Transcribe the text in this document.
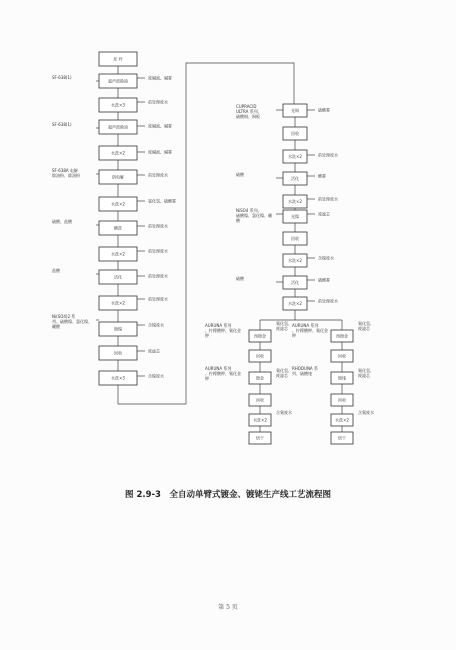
坯 件
超声波除油
水洗×3
超声波除油
水洗×2
阴电解
水洗×2
酸洗
水洗×2
活化
水洗×2
镀镍
回收
水洗×3
SF-638(1)
SF-638(1)
SF-638A 电解
除油粉、除油粉
硫酸、盐酸
盐酸
Ni(SO4)2 系
列、硫酸镍、氯化镍、
硼酸
废碱液、碱雾
前处理废水
废碱液、碱雾
废碱液、碱雾
前处理废水
氯化氢、硫酸雾
前处理废水
前处理废水
前处理废水
前处理废水
含镍废水
废滤芯
含镍废水
光铜
回收
水洗×2
活化
水洗×2
光镍
回收
水洗×2
活化
水洗×2
CUPRACID
ULTRA 系列、
硫酸铜、铜板
硫酸
NiSO4 系列、
硫酸镍、氯化镍、硼
酸
硫酸
硫酸雾
前处理废水
酸雾
前处理废水
废滤芯
含镍废水
硫酸雾
前处理废水
预镀金
回收
镀金
回收
水洗×2
烘干
AURUNA 系列
、柠檬酸钾、氰化金
钾
AURUNA 系列
、柠檬酸钾、氰化金
钾
氰化氢、
废滤芯
氰化氢、
废滤芯
含氰废水
预镀金
回收
镀铑
回收
水洗×2
烘干
AURUNA 系列
、柠檬酸钾、氰化金
钾
RHODUNA 系
列、硫酸铑
氰化氢、
废滤芯
氰化氢、
废滤芯
含氰废水
图 2.9-3　全自动单臂式镀金、镀铑生产线工艺流程图
第 5 页
